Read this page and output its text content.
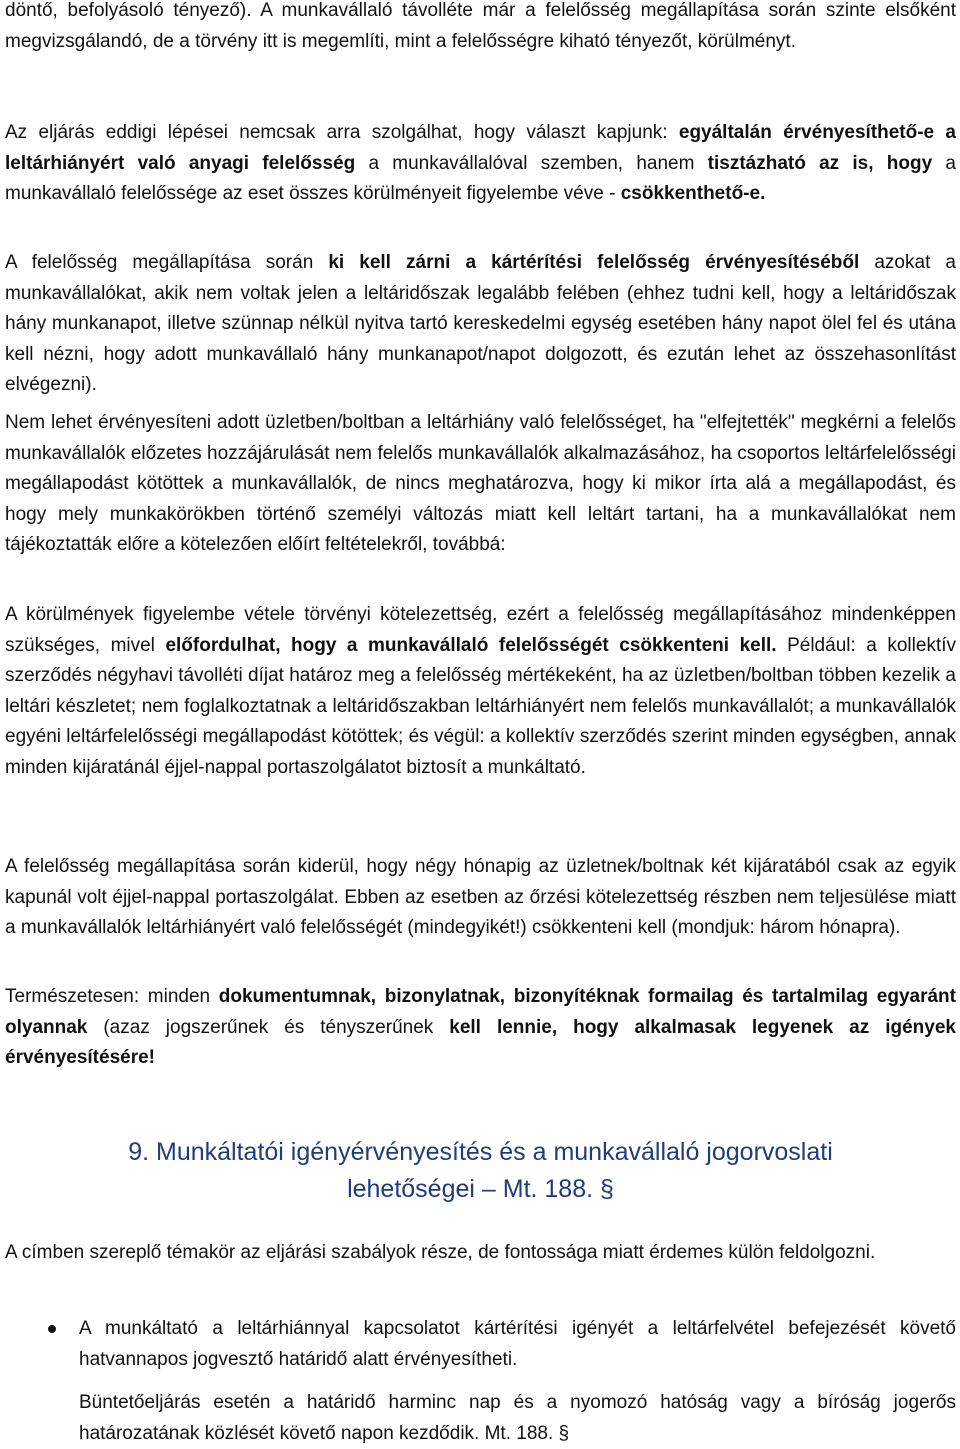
döntő, befolyásoló tényező). A munkavállaló távolléte már a felelősség megállapítása során szinte elsőként megvizsgálandó, de a törvény itt is megemlíti, mint a felelősségre kiható tényezőt, körülményt.

Az eljárás eddigi lépései nemcsak arra szolgálhat, hogy választ kapjunk: egyáltalán érvényesíthető-e a leltárhiányért való anyagi felelősség a munkavállalóval szemben, hanem tisztázható az is, hogy a munkavállaló felelőssége az eset összes körülményeit figyelembe véve - csökkenthető-e.

A felelősség megállapítása során ki kell zárni a kártérítési felelősség érvényesítéséből azokat a munkavállalókat, akik nem voltak jelen a leltáridőszak legalább felében (ehhez tudni kell, hogy a leltáridőszak hány munkanapot, illetve szünnap nélkül nyitva tartó kereskedelmi egység esetében hány napot ölel fel és utána kell nézni, hogy adott munkavállaló hány munkanapot/napot dolgozott, és ezután lehet az összehasonlítást elvégezni).

Nem lehet érvényesíteni adott üzletben/boltban a leltárhiány való felelősséget, ha "elfejtették" megkérni a felelős munkavállalók előzetes hozzájárulását nem felelős munkavállalók alkalmazásához, ha csoportos leltárfelelősségi megállapodást kötöttek a munkavállalók, de nincs meghatározva, hogy ki mikor írta alá a megállapodást, és hogy mely munkakörökben történő személyi változás miatt kell leltárt tartani, ha a munkavállalókat nem tájékoztatták előre a kötelezően előírt feltételekről, továbbá:

A körülmények figyelembe vétele törvényi kötelezettség, ezért a felelősség megállapításához mindenképpen szükséges, mivel előfordulhat, hogy a munkavállaló felelősségét csökkenteni kell. Például: a kollektív szerződés négyhavi távolléti díjat határoz meg a felelősség mértékeként, ha az üzletben/boltban többen kezelik a leltári készletet; nem foglalkoztatnak a leltáridőszakban leltárhiányért nem felelős munkavállalót; a munkavállalók egyéni leltárfelelősségi megállapodást kötöttek; és végül: a kollektív szerződés szerint minden egységben, annak minden kijáratánál éjjel-nappal portaszolgálatot biztosít a munkáltató.

A felelősség megállapítása során kiderül, hogy négy hónapig az üzletnek/boltnak két kijáratából csak az egyik kapunál volt éjjel-nappal portaszolgálat. Ebben az esetben az őrzési kötelezettség részben nem teljesülése miatt a munkavállalók leltárhiányért való felelősségét (mindegyikét!) csökkenteni kell (mondjuk: három hónapra).

Természetesen: minden dokumentumnak, bizonylatnak, bizonyítéknak formailag és tartalmilag egyaránt olyannak (azaz jogszerűnek és tényszerűnek kell lennie, hogy alkalmasak legyenek az igények érvényesítésére!

9. Munkáltatói igényérvényesítés és a munkavállaló jogorvoslati

lehetőségei – Mt. 188. §

A címben szereplő témakör az eljárási szabályok része, de fontossága miatt érdemes külön feldolgozni.

A munkáltató a leltárhiánnyal kapcsolatot kártérítési igényét a leltárfelvétel befejezését követő hatvannapos jogvesztő határidő alatt érvényesítheti.

Büntetőeljárás esetén a határidő harminc nap és a nyomozó hatóság vagy a bíróság jogerős határozatának közlését követő napon kezdődik. Mt. 188. §
